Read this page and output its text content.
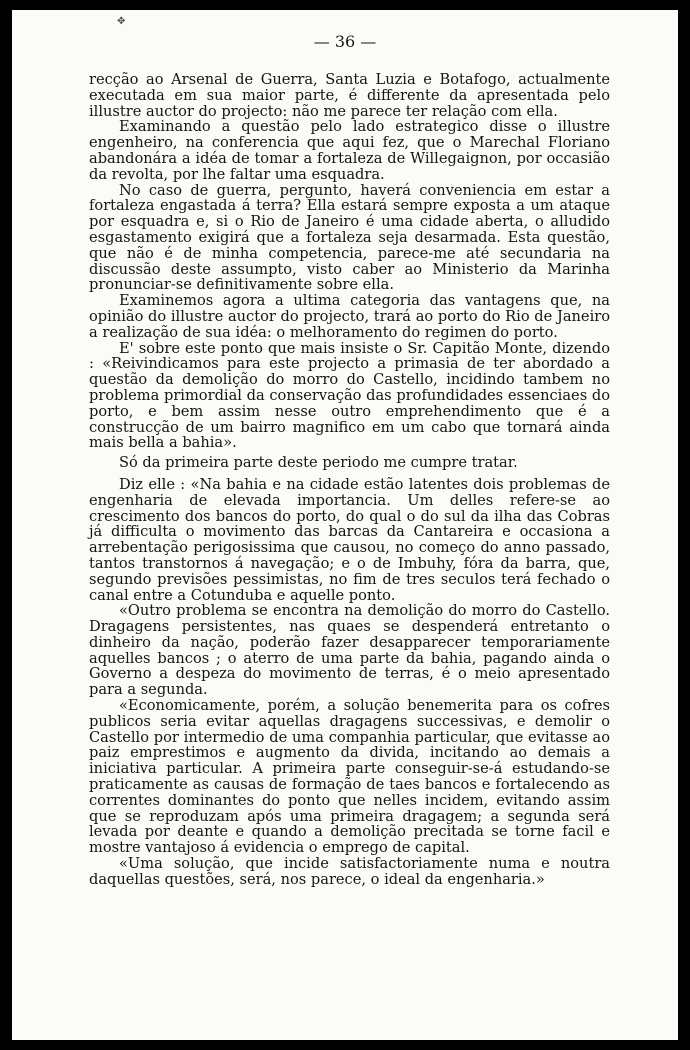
✥
— 36 —

recção ao Arsenal de Guerra, Santa Luzia e Botafogo, actualmente executada em sua maior parte, é differente da apresentada pelo illustre auctor do projecto: não me parece ter relação com ella.

Examinando a questão pelo lado estrategico disse o illustre engenheiro, na conferencia que aqui fez, que o Marechal Floriano abandonára a idéa de tomar a fortaleza de Willegaignon, por occasião da revolta, por lhe faltar uma esquadra.

No caso de guerra, pergunto, haverá conveniencia em estar a fortaleza engastada á terra? Ella estará sempre exposta a um ataque por esquadra e, si o Rio de Janeiro é uma cidade aberta, o alludido esgastamento exigirá que a fortaleza seja desarmada. Esta questão, que não é de minha competencia, parece-me até secundaria na discussão deste assumpto, visto caber ao Ministerio da Marinha pronunciar-se definitivamente sobre ella.

Examinemos agora a ultima categoria das vantagens que, na opinião do illustre auctor do projecto, trará ao porto do Rio de Janeiro a realização de sua idéa: o melhoramento do regimen do porto.

E' sobre este ponto que mais insiste o Sr. Capitão Monte, dizendo : «Reivindicamos para este projecto a primasia de ter abordado a questão da demolição do morro do Castello, incidindo tambem no problema primordial da conservação das profundidades essenciaes do porto, e bem assim nesse outro emprehendimento que é a construcção de um bairro magnifico em um cabo que tornará ainda mais bella a bahia».

Só da primeira parte deste periodo me cumpre tratar.

Diz elle : «Na bahia e na cidade estão latentes dois problemas de engenharia de elevada importancia. Um delles refere-se ao crescimento dos bancos do porto, do qual o do sul da ilha das Cobras já difficulta o movimento das barcas da Cantareira e occasiona a arrebentação perigosissima que causou, no começo do anno passado, tantos transtornos á navegação; e o de Imbuhy, fóra da barra, que, segundo previsões pessimistas, no fim de tres seculos terá fechado o canal entre a Cotunduba e aquelle ponto.

«Outro problema se encontra na demolição do morro do Castello. Dragagens persistentes, nas quaes se despenderá entretanto o dinheiro da nação, poderão fazer desapparecer temporariamente aquelles bancos ; o aterro de uma parte da bahia, pagando ainda o Governo a despeza do movimento de terras, é o meio apresentado para a segunda.

«Economicamente, porém, a solução benemerita para os cofres publicos seria evitar aquellas dragagens successivas, e demolir o Castello por intermedio de uma companhia particular, que evitasse ao paiz emprestimos e augmento da divida, incitando ao demais a iniciativa particular. A primeira parte conseguir-se-á estudando-se praticamente as causas de formação de taes bancos e fortalecendo as correntes dominantes do ponto que nelles incidem, evitando assim que se reproduzam após uma primeira dragagem; a segunda será levada por deante e quando a demolição precitada se torne facil e mostre vantajoso á evidencia o emprego de capital.

«Uma solução, que incide satisfactoriamente numa e noutra daquellas questões, será, nos parece, o ideal da engenharia.»
